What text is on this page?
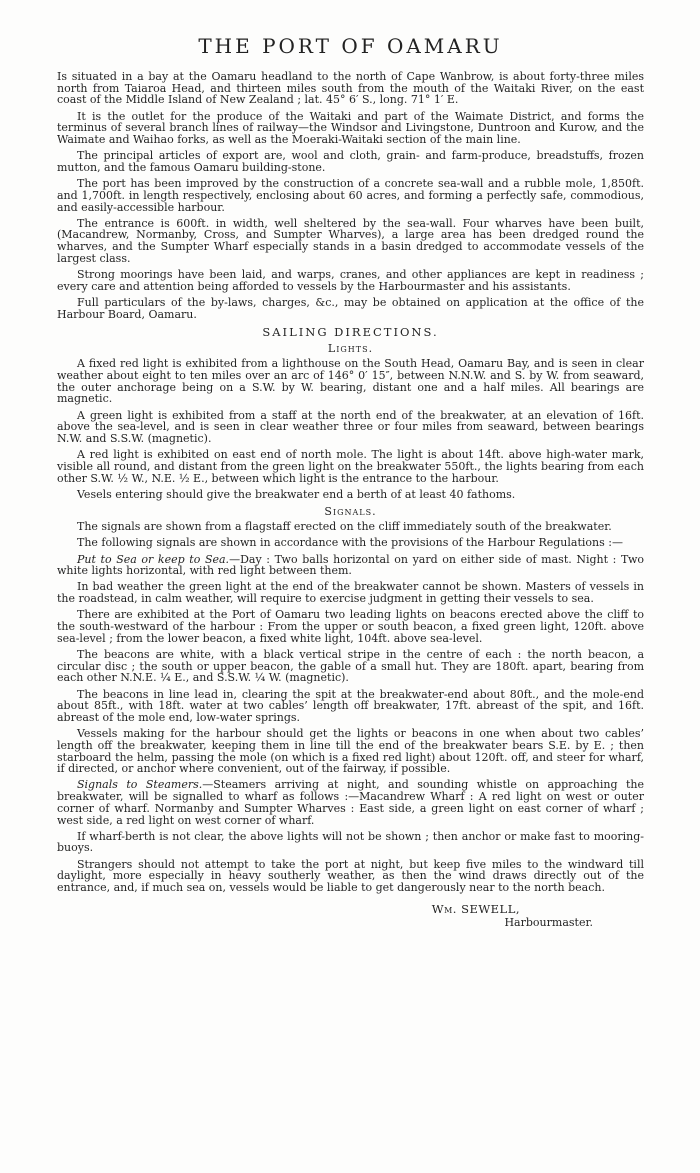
THE PORT OF OAMARU

Is situated in a bay at the Oamaru headland to the north of Cape Wanbrow, is about forty-three miles north from Taiaroa Head, and thirteen miles south from the mouth of the Waitaki River, on the east coast of the Middle Island of New Zealand ; lat. 45° 6′ S., long. 71° 1′ E.

It is the outlet for the produce of the Waitaki and part of the Waimate District, and forms the terminus of several branch lines of railway—the Windsor and Livingstone, Duntroon and Kurow, and the Waimate and Waihao forks, as well as the Moeraki-Waitaki section of the main line.

The principal articles of export are, wool and cloth, grain- and farm-produce, breadstuffs, frozen mutton, and the famous Oamaru building-stone.

The port has been improved by the construction of a concrete sea-wall and a rubble mole, 1,850ft. and 1,700ft. in length respectively, enclosing about 60 acres, and forming a perfectly safe, commodious, and easily-accessible harbour.

The entrance is 600ft. in width, well sheltered by the sea-wall. Four wharves have been built, (Macandrew, Normanby, Cross, and Sumpter Wharves), a large area has been dredged round the wharves, and the Sumpter Wharf especially stands in a basin dredged to accommodate vessels of the largest class.

Strong moorings have been laid, and warps, cranes, and other appliances are kept in readiness ; every care and attention being afforded to vessels by the Harbourmaster and his assistants.

Full particulars of the by-laws, charges, &c., may be obtained on application at the office of the Harbour Board, Oamaru.

SAILING DIRECTIONS.
Lights.

A fixed red light is exhibited from a lighthouse on the South Head, Oamaru Bay, and is seen in clear weather about eight to ten miles over an arc of 146° 0′ 15″, between N.N.W. and S. by W. from seaward, the outer anchorage being on a S.W. by W. bearing, distant one and a half miles. All bearings are magnetic.

A green light is exhibited from a staff at the north end of the breakwater, at an elevation of 16ft. above the sea-level, and is seen in clear weather three or four miles from seaward, between bearings N.W. and S.S.W. (magnetic).

A red light is exhibited on east end of north mole. The light is about 14ft. above high-water mark, visible all round, and distant from the green light on the breakwater 550ft., the lights bearing from each other S.W. ½ W., N.E. ½ E., between which light is the entrance to the harbour.

Vesels entering should give the breakwater end a berth of at least 40 fathoms.

Signals.

The signals are shown from a flagstaff erected on the cliff immediately south of the breakwater.

The following signals are shown in accordance with the provisions of the Harbour Regulations :—

Put to Sea or keep to Sea.—Day : Two balls horizontal on yard on either side of mast. Night : Two white lights horizontal, with red light between them.

In bad weather the green light at the end of the breakwater cannot be shown. Masters of vessels in the roadstead, in calm weather, will require to exercise judgment in getting their vessels to sea.

There are exhibited at the Port of Oamaru two leading lights on beacons erected above the cliff to the south-westward of the harbour : From the upper or south beacon, a fixed green light, 120ft. above sea-level ; from the lower beacon, a fixed white light, 104ft. above sea-level.

The beacons are white, with a black vertical stripe in the centre of each : the north beacon, a circular disc ; the south or upper beacon, the gable of a small hut. They are 180ft. apart, bearing from each other N.N.E. ¼ E., and S.S.W. ¼ W. (magnetic).

The beacons in line lead in, clearing the spit at the breakwater-end about 80ft., and the mole-end about 85ft., with 18ft. water at two cables’ length off breakwater, 17ft. abreast of the spit, and 16ft. abreast of the mole end, low-water springs.

Vessels making for the harbour should get the lights or beacons in one when about two cables’ length off the breakwater, keeping them in line till the end of the breakwater bears S.E. by E. ; then starboard the helm, passing the mole (on which is a fixed red light) about 120ft. off, and steer for wharf, if directed, or anchor where convenient, out of the fairway, if possible.

Signals to Steamers.—Steamers arriving at night, and sounding whistle on approaching the breakwater, will be signalled to wharf as follows :—Macandrew Wharf : A red light on west or outer corner of wharf. Normanby and Sumpter Wharves : East side, a green light on east corner of wharf ; west side, a red light on west corner of wharf.

If wharf-berth is not clear, the above lights will not be shown ; then anchor or make fast to mooring-buoys.

Strangers should not attempt to take the port at night, but keep five miles to the windward till daylight, more especially in heavy southerly weather, as then the wind draws directly out of the entrance, and, if much sea on, vessels would be liable to get dangerously near to the north beach.

Wm. SEWELL,
Harbourmaster.
